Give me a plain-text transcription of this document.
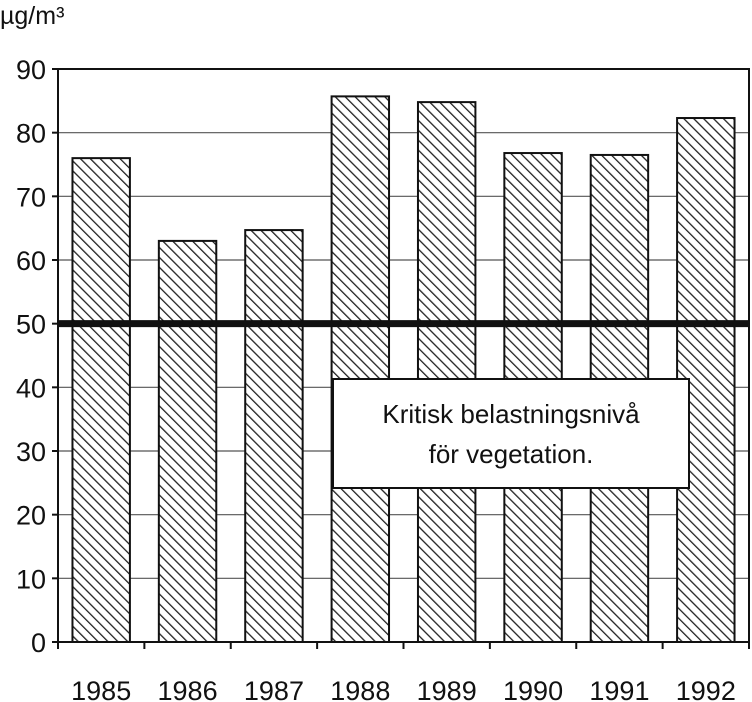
µg/m³
0
10
20
30
40
50
60
70
80
90
1985 1986 1987 1988 1989 1990 1991 1992
Kritisk belastningsnivå
för vegetation.
